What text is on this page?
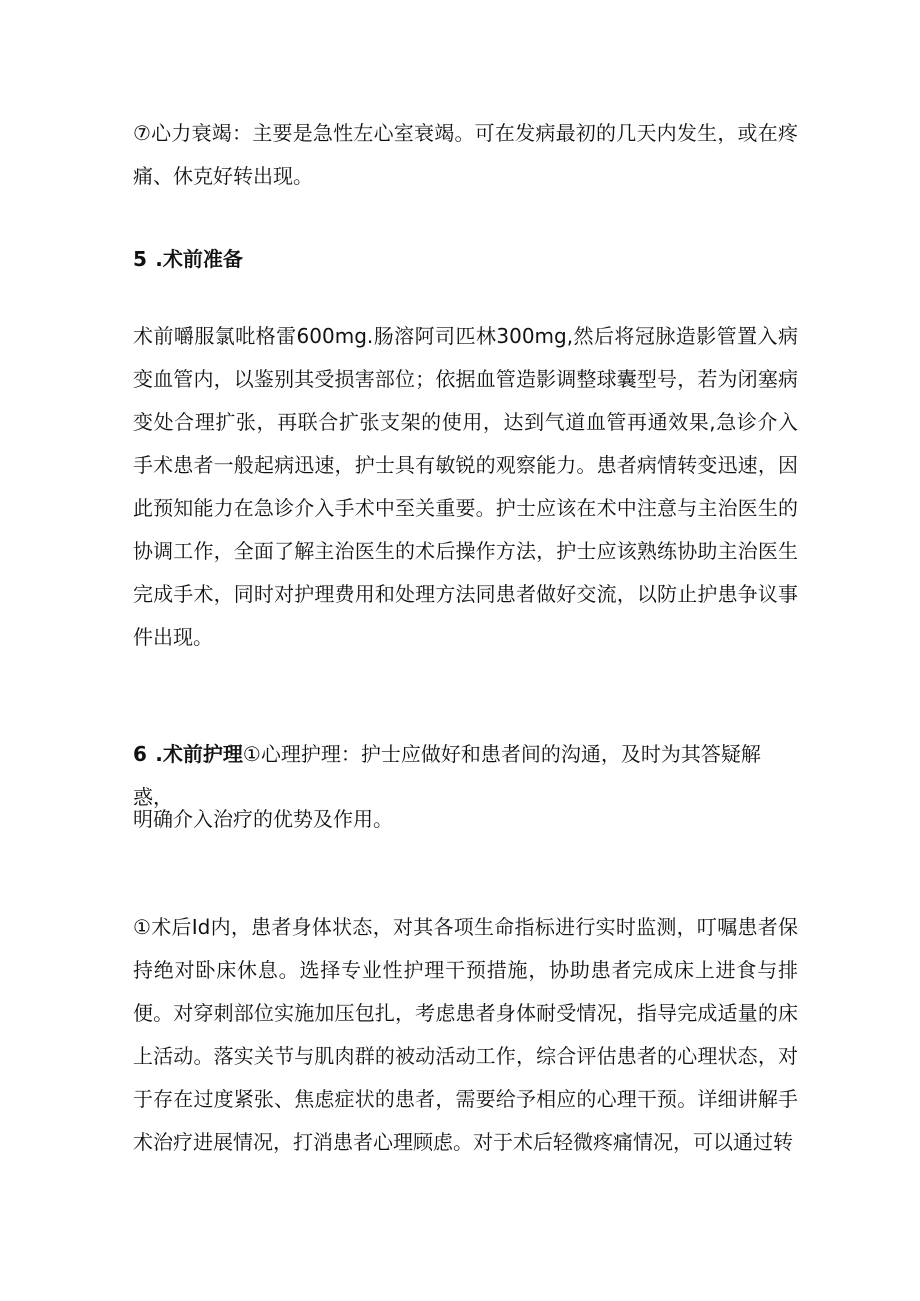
⑦心力衰竭：主要是急性左心室衰竭。可在发病最初的几天内发生，或在疼痛、休克好转出现。

5 .术前准备

术前嚼服氯吡格雷600mg.肠溶阿司匹林300mg,然后将冠脉造影管置入病变血管内，以鉴别其受损害部位；依据血管造影调整球囊型号，若为闭塞病变处合理扩张，再联合扩张支架的使用，达到气道血管再通效果,急诊介入手术患者一般起病迅速，护士具有敏锐的观察能力。患者病情转变迅速，因此预知能力在急诊介入手术中至关重要。护士应该在术中注意与主治医生的协调工作，全面了解主治医生的术后操作方法，护士应该熟练协助主治医生完成手术，同时对护理费用和处理方法同患者做好交流，以防止护患争议事件出现。

6 .术前护理①心理护理：护士应做好和患者间的沟通，及时为其答疑解惑，

明确介入治疗的优势及作用。

①术后Id内，患者身体状态，对其各项生命指标进行实时监测，叮嘱患者保持绝对卧床休息。选择专业性护理干预措施，协助患者完成床上进食与排便。对穿刺部位实施加压包扎，考虑患者身体耐受情况，指导完成适量的床上活动。落实关节与肌肉群的被动活动工作，综合评估患者的心理状态，对于存在过度紧张、焦虑症状的患者，需要给予相应的心理干预。详细讲解手术治疗进展情况，打消患者心理顾虑。对于术后轻微疼痛情况，可以通过转
